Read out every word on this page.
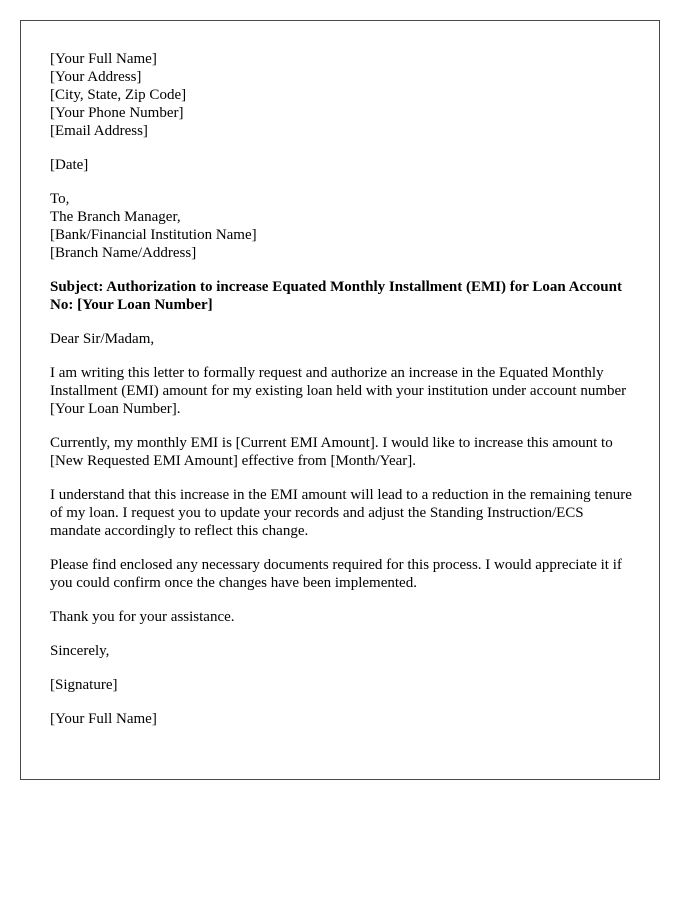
[Your Full Name]
[Your Address]
[City, State, Zip Code]
[Your Phone Number]
[Email Address]
[Date]
To,
The Branch Manager,
[Bank/Financial Institution Name]
[Branch Name/Address]

Subject: Authorization to increase Equated Monthly Installment (EMI) for Loan Account No: [Your Loan Number]

Dear Sir/Madam,

I am writing this letter to formally request and authorize an increase in the Equated Monthly Installment (EMI) amount for my existing loan held with your institution under account number [Your Loan Number].

Currently, my monthly EMI is [Current EMI Amount]. I would like to increase this amount to [New Requested EMI Amount] effective from [Month/Year].

I understand that this increase in the EMI amount will lead to a reduction in the remaining tenure of my loan. I request you to update your records and adjust the Standing Instruction/ECS mandate accordingly to reflect this change.

Please find enclosed any necessary documents required for this process. I would appreciate it if you could confirm once the changes have been implemented.

Thank you for your assistance.

Sincerely,

[Signature]

[Your Full Name]
